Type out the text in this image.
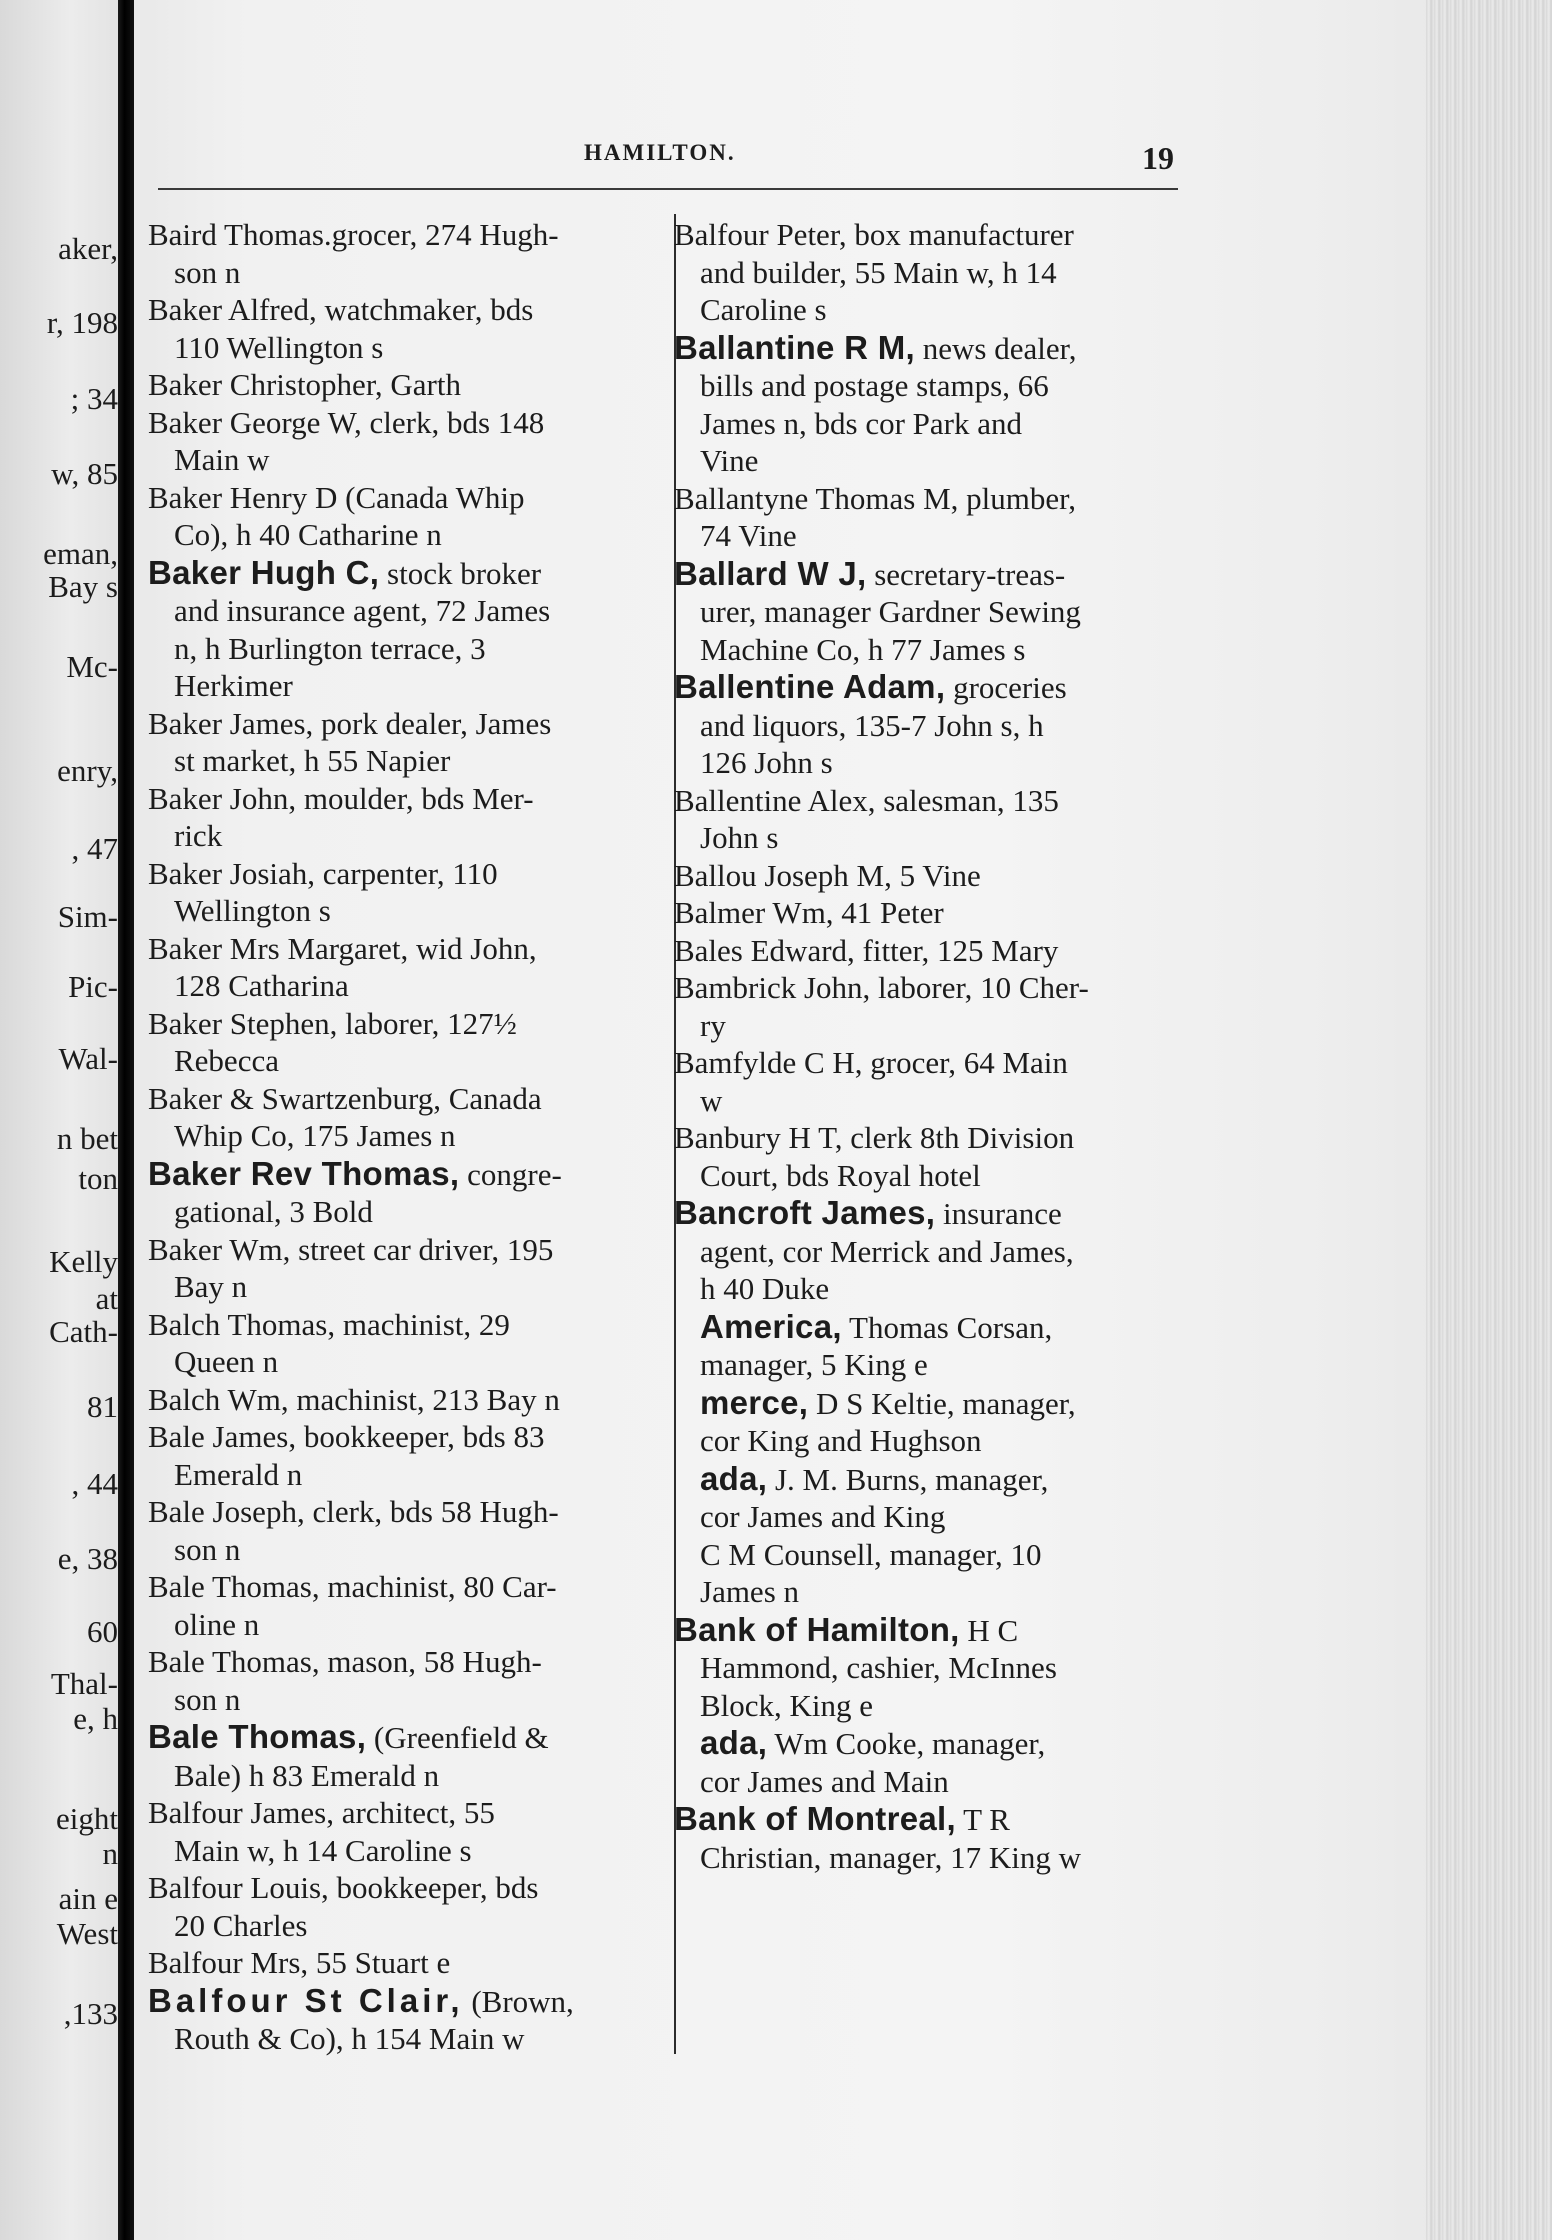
aker,
r, 198
; 34
w, 85
eman,
Bay s
Mc-
enry,
, 47
Sim-
Pic-
Wal-
n bet
ton
Kelly
at
Cath-
81
, 44
e, 38
60
Thal-
e, h
eight
n
ain e
West
,133
HAMILTON.	19
Baird Thomas.grocer, 274 Hugh-
son n
Baker Alfred, watchmaker, bds
110 Wellington s
Baker Christopher, Garth
Baker George W, clerk, bds 148
Main w
Baker Henry D (Canada Whip
Co), h 40 Catharine n
Baker Hugh C, stock broker
and insurance agent, 72 James
n, h Burlington terrace, 3
Herkimer
Baker James, pork dealer, James
st market, h 55 Napier
Baker John, moulder, bds Mer-
rick
Baker Josiah, carpenter, 110
Wellington s
Baker Mrs Margaret, wid John,
128 Catharina
Baker Stephen, laborer, 127½
Rebecca
Baker & Swartzenburg, Canada
Whip Co, 175 James n
Baker Rev Thomas, congre-
gational, 3 Bold
Baker Wm, street car driver, 195
Bay n
Balch Thomas, machinist, 29
Queen n
Balch Wm, machinist, 213 Bay n
Bale James, bookkeeper, bds 83
Emerald n
Bale Joseph, clerk, bds 58 Hugh-
son n
Bale Thomas, machinist, 80 Car-
oline n
Bale Thomas, mason, 58 Hugh-
son n
Bale Thomas, (Greenfield &
Bale) h 83 Emerald n
Balfour James, architect, 55
Main w, h 14 Caroline s
Balfour Louis, bookkeeper, bds
20 Charles
Balfour Mrs, 55 Stuart e
Balfour St Clair, (Brown,
Routh & Co), h 154 Main w
Balfour Peter, box manufacturer
and builder, 55 Main w, h 14
Caroline s
Ballantine R M, news dealer,
bills and postage stamps, 66
James n, bds cor Park and
Vine
Ballantyne Thomas M, plumber,
74 Vine
Ballard W J, secretary-treas-
urer, manager Gardner Sewing
Machine Co, h 77 James s
Ballentine Adam, groceries
and liquors, 135-7 John s, h
126 John s
Ballentine Alex, salesman, 135
John s
Ballou Joseph M, 5 Vine
Balmer Wm, 41 Peter
Bales Edward, fitter, 125 Mary
Bambrick John, laborer, 10 Cher-
ry
Bamfylde C H, grocer, 64 Main
w
Banbury H T, clerk 8th Division
Court, bds Royal hotel
Bancroft James, insurance
agent, cor Merrick and James,
h 40 Duke
America, Thomas Corsan,
manager, 5 King e
merce, D S Keltie, manager,
cor King and Hughson
ada, J. M. Burns, manager,
cor James and King
C M Counsell, manager, 10
James n
Bank of Hamilton, H C
Hammond, cashier, McInnes
Block, King e
ada, Wm Cooke, manager,
cor James and Main
Bank of Montreal, T R
Christian, manager, 17 King w
